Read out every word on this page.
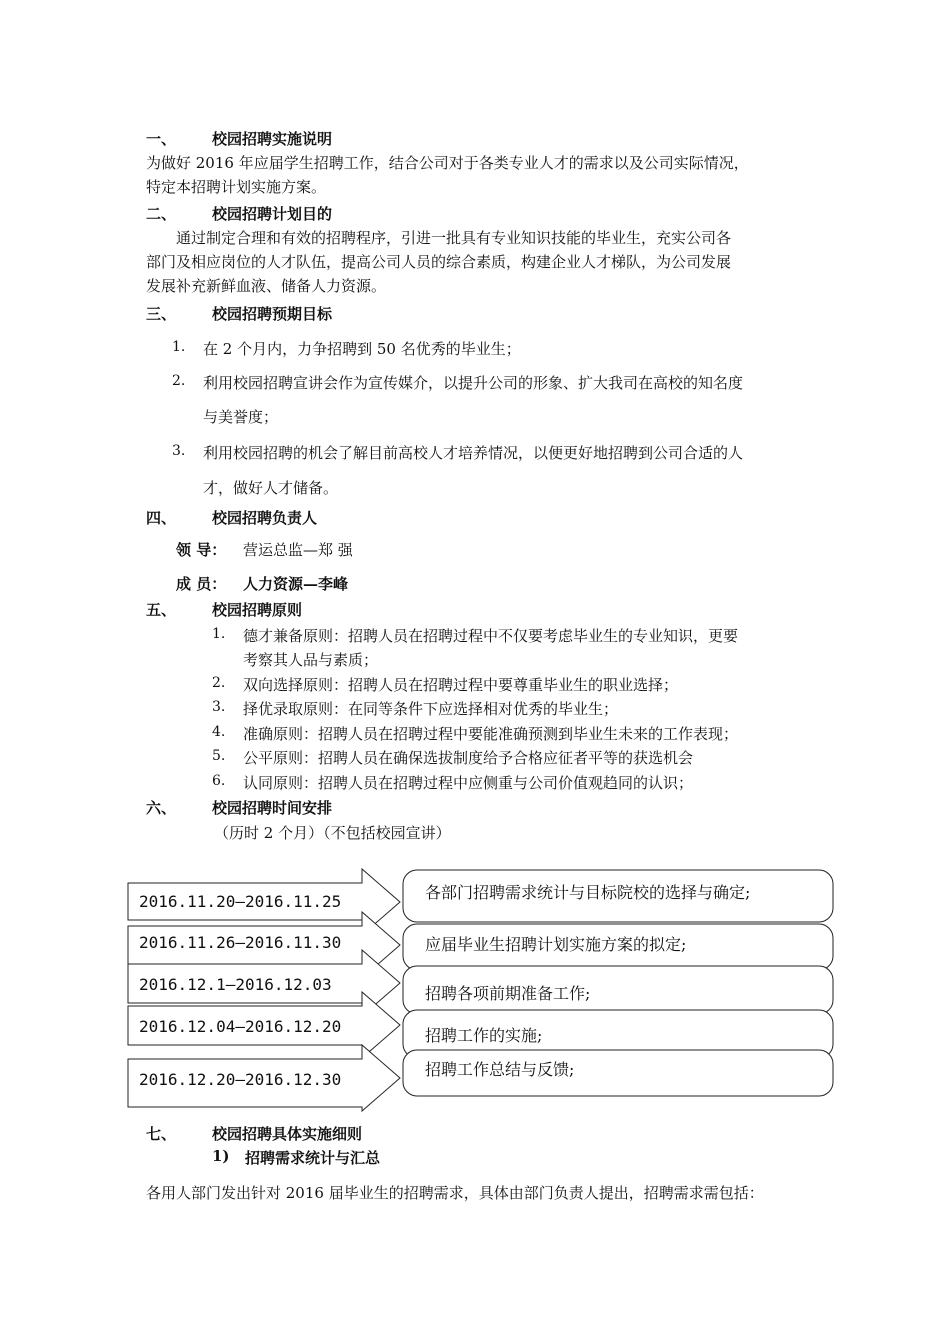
一、 校园招聘实施说明
为做好 2016 年应届学生招聘工作，结合公司对于各类专业人才的需求以及公司实际情况，
特定本招聘计划实施方案。
二、 校园招聘计划目的
通过制定合理和有效的招聘程序，引进一批具有专业知识技能的毕业生，充实公司各
部门及相应岗位的人才队伍，提高公司人员的综合素质，构建企业人才梯队，为公司发展
发展补充新鲜血液、储备人力资源。
三、 校园招聘预期目标
1. 在 2 个月内，力争招聘到 50 名优秀的毕业生；
2. 利用校园招聘宣讲会作为宣传媒介，以提升公司的形象、扩大我司在高校的知名度
与美誉度；
3. 利用校园招聘的机会了解目前高校人才培养情况，以便更好地招聘到公司合适的人
才，做好人才储备。
四、 校园招聘负责人
领 导： 营运总监—郑 强
成 员： 人力资源—李峰
五、 校园招聘原则
1. 德才兼备原则：招聘人员在招聘过程中不仅要考虑毕业生的专业知识，更要
考察其人品与素质；
2. 双向选择原则：招聘人员在招聘过程中要尊重毕业生的职业选择；
3. 择优录取原则：在同等条件下应选择相对优秀的毕业生；
4. 准确原则：招聘人员在招聘过程中要能准确预测到毕业生未来的工作表现；
5. 公平原则：招聘人员在确保选拔制度给予合格应征者平等的获选机会
6. 认同原则：招聘人员在招聘过程中应侧重与公司价值观趋同的认识；
六、 校园招聘时间安排
（历时 2 个月）（不包括校园宣讲）
2016.11.20—2016.11.25
2016.11.26—2016.11.30
2016.12.1—2016.12.03
2016.12.04—2016.12.20
2016.12.20—2016.12.30
各部门招聘需求统计与目标院校的选择与确定;
应届毕业生招聘计划实施方案的拟定;
招聘各项前期准备工作;
招聘工作的实施;
招聘工作总结与反馈;
七、 校园招聘具体实施细则
1) 招聘需求统计与汇总
各用人部门发出针对 2016 届毕业生的招聘需求，具体由部门负责人提出，招聘需求需包括：
